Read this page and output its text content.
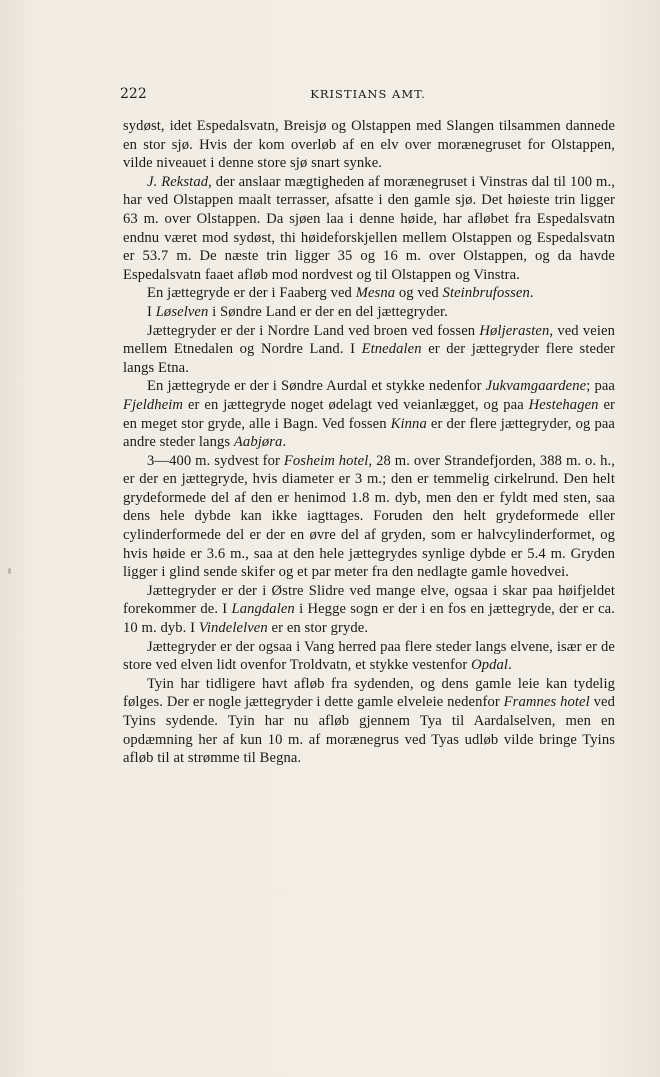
222	KRISTIANS AMT.

sydøst, idet Espedalsvatn, Breisjø og Olstappen med Slangen tilsammen dannede en stor sjø. Hvis der kom overløb af en elv over morænegruset for Olstappen, vilde niveauet i denne store sjø snart synke.

J. Rekstad, der anslaar mægtigheden af morænegruset i Vinstras dal til 100 m., har ved Olstappen maalt terrasser, afsatte i den gamle sjø. Det høieste trin ligger 63 m. over Olstappen. Da sjøen laa i denne høide, har afløbet fra Espedalsvatn endnu været mod sydøst, thi høideforskjellen mellem Olstappen og Espedalsvatn er 53.7 m. De næste trin ligger 35 og 16 m. over Olstappen, og da havde Espedalsvatn faaet afløb mod nordvest og til Olstappen og Vinstra.

En jættegryde er der i Faaberg ved Mesna og ved Steinbrufossen.

I Løselven i Søndre Land er der en del jættegryder.

Jættegryder er der i Nordre Land ved broen ved fossen Høljerasten, ved veien mellem Etnedalen og Nordre Land. I Etnedalen er der jættegryder flere steder langs Etna.

En jættegryde er der i Søndre Aurdal et stykke nedenfor Jukvamgaardene; paa Fjeldheim er en jættegryde noget ødelagt ved veianlægget, og paa Hestehagen er en meget stor gryde, alle i Bagn. Ved fossen Kinna er der flere jættegryder, og paa andre steder langs Aabjøra.

3—400 m. sydvest for Fosheim hotel, 28 m. over Strandefjorden, 388 m. o. h., er der en jættegryde, hvis diameter er 3 m.; den er temmelig cirkelrund. Den helt grydeformede del af den er henimod 1.8 m. dyb, men den er fyldt med sten, saa dens hele dybde kan ikke iagttages. Foruden den helt grydeformede eller cylinderformede del er der en øvre del af gryden, som er halvcylinderformet, og hvis høide er 3.6 m., saa at den hele jættegrydes synlige dybde er 5.4 m. Gryden ligger i glind sende skifer og et par meter fra den nedlagte gamle hovedvei.

Jættegryder er der i Østre Slidre ved mange elve, ogsaa i skar paa høifjeldet forekommer de. I Langdalen i Hegge sogn er der i en fos en jættegryde, der er ca. 10 m. dyb. I Vindelelven er en stor gryde.

Jættegryder er der ogsaa i Vang herred paa flere steder langs elvene, især er de store ved elven lidt ovenfor Troldvatn, et stykke vestenfor Opdal.

Tyin har tidligere havt afløb fra sydenden, og dens gamle leie kan tydelig følges. Der er nogle jættegryder i dette gamle elveleie nedenfor Framnes hotel ved Tyins sydende. Tyin har nu afløb gjennem Tya til Aardalselven, men en opdæmning her af kun 10 m. af morænegrus ved Tyas udløb vilde bringe Tyins afløb til at strømme til Begna.
